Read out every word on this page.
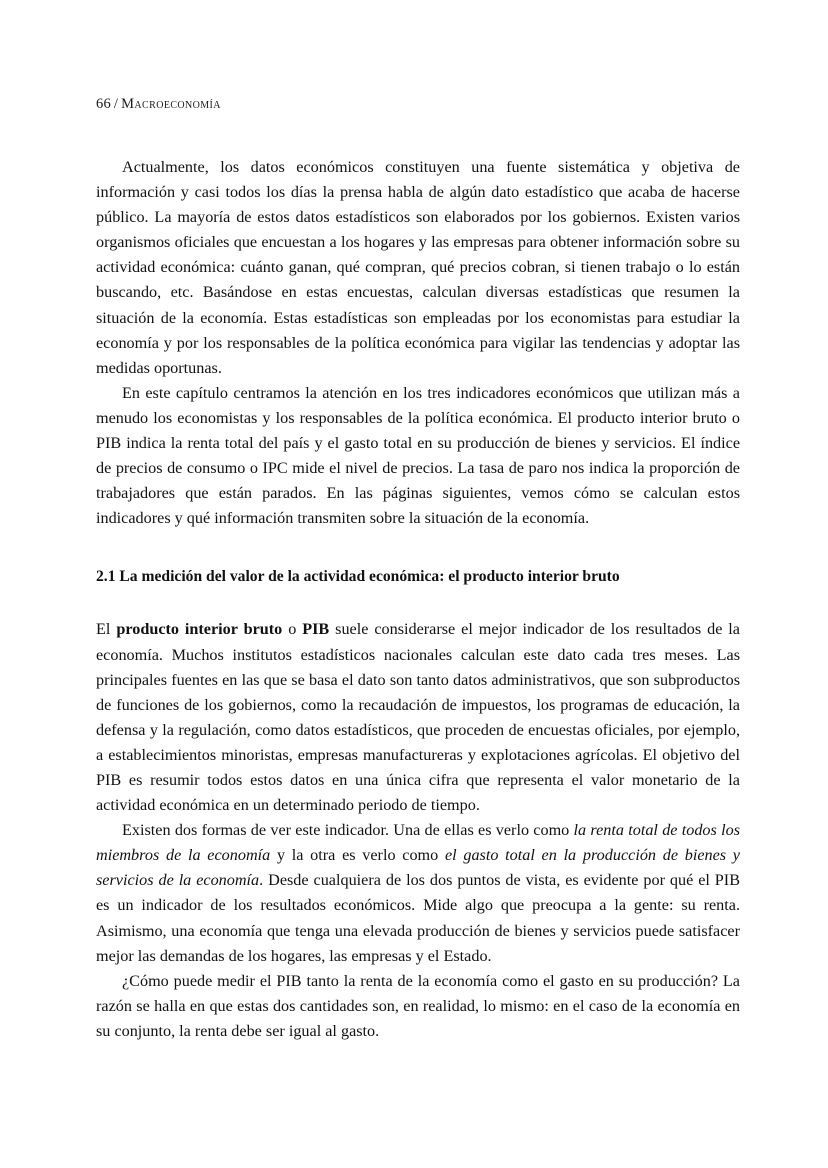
66 / Macroeconomía

Actualmente, los datos económicos constituyen una fuente sistemática y objetiva de información y casi todos los días la prensa habla de algún dato estadístico que acaba de hacerse público. La mayoría de estos datos estadísticos son elaborados por los gobiernos. Existen varios organismos oficiales que encuestan a los hogares y las empresas para obtener información sobre su actividad económica: cuánto ganan, qué compran, qué precios cobran, si tienen trabajo o lo están buscando, etc. Basándose en estas encuestas, calculan diversas estadísticas que resumen la situación de la economía. Estas estadísticas son empleadas por los economistas para estudiar la economía y por los responsables de la política económica para vigilar las tendencias y adoptar las medidas oportunas.

En este capítulo centramos la atención en los tres indicadores económicos que utilizan más a menudo los economistas y los responsables de la política económica. El producto interior bruto o PIB indica la renta total del país y el gasto total en su producción de bienes y servicios. El índice de precios de consumo o IPC mide el nivel de precios. La tasa de paro nos indica la proporción de trabajadores que están parados. En las páginas siguientes, vemos cómo se calculan estos indicadores y qué información transmiten sobre la situación de la economía.

2.1 La medición del valor de la actividad económica: el producto interior bruto

El producto interior bruto o PIB suele considerarse el mejor indicador de los resultados de la economía. Muchos institutos estadísticos nacionales calculan este dato cada tres meses. Las principales fuentes en las que se basa el dato son tanto datos administrativos, que son subproductos de funciones de los gobiernos, como la recaudación de impuestos, los programas de educación, la defensa y la regulación, como datos estadísticos, que proceden de encuestas oficiales, por ejemplo, a establecimientos minoristas, empresas manufactureras y explotaciones agrícolas. El objetivo del PIB es resumir todos estos datos en una única cifra que representa el valor monetario de la actividad económica en un determinado periodo de tiempo.

Existen dos formas de ver este indicador. Una de ellas es verlo como la renta total de todos los miembros de la economía y la otra es verlo como el gasto total en la producción de bienes y servicios de la economía. Desde cualquiera de los dos puntos de vista, es evidente por qué el PIB es un indicador de los resultados económicos. Mide algo que preocupa a la gente: su renta. Asimismo, una economía que tenga una elevada producción de bienes y servicios puede satisfacer mejor las demandas de los hogares, las empresas y el Estado.

¿Cómo puede medir el PIB tanto la renta de la economía como el gasto en su producción? La razón se halla en que estas dos cantidades son, en realidad, lo mismo: en el caso de la economía en su conjunto, la renta debe ser igual al gasto.
